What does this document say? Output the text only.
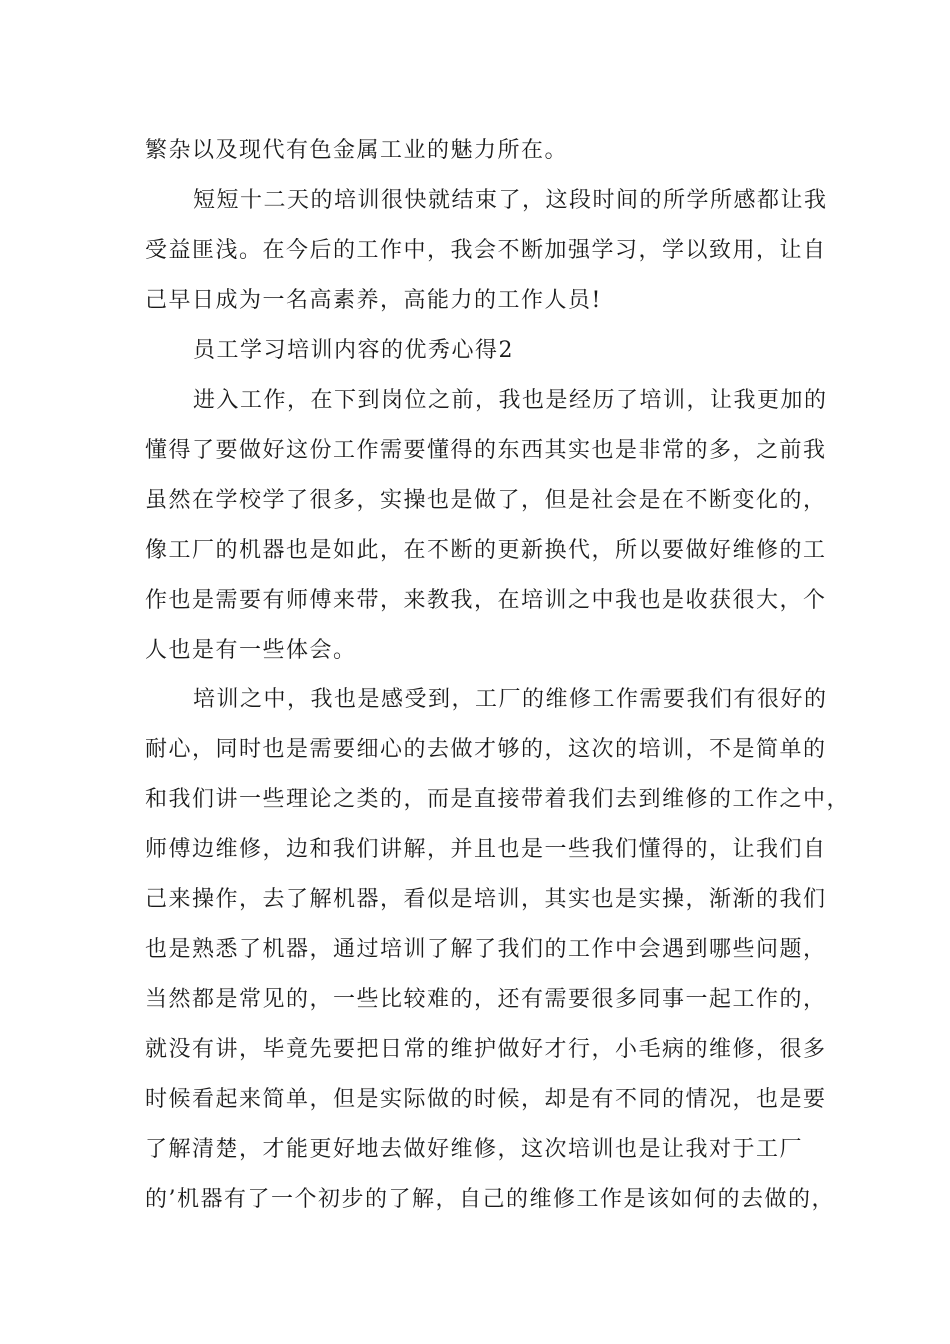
繁杂以及现代有色金属工业的魅力所在。
短短十二天的培训很快就结束了，这段时间的所学所感都让我
受益匪浅。在今后的工作中，我会不断加强学习，学以致用，让自
己早日成为一名高素养，高能力的工作人员!
员工学习培训内容的优秀心得2
进入工作，在下到岗位之前，我也是经历了培训，让我更加的
懂得了要做好这份工作需要懂得的东西其实也是非常的多，之前我
虽然在学校学了很多，实操也是做了，但是社会是在不断变化的，
像工厂的机器也是如此，在不断的更新换代，所以要做好维修的工
作也是需要有师傅来带，来教我，在培训之中我也是收获很大，个
人也是有一些体会。
培训之中，我也是感受到，工厂的维修工作需要我们有很好的
耐心，同时也是需要细心的去做才够的，这次的培训，不是简单的
和我们讲一些理论之类的，而是直接带着我们去到维修的工作之中，
师傅边维修，边和我们讲解，并且也是一些我们懂得的，让我们自
己来操作，去了解机器，看似是培训，其实也是实操，渐渐的我们
也是熟悉了机器，通过培训了解了我们的工作中会遇到哪些问题，
当然都是常见的，一些比较难的，还有需要很多同事一起工作的，
就没有讲，毕竟先要把日常的维护做好才行，小毛病的维修，很多
时候看起来简单，但是实际做的时候，却是有不同的情况，也是要
了解清楚，才能更好地去做好维修，这次培训也是让我对于工厂
的’机器有了一个初步的了解，自己的维修工作是该如何的去做的，
